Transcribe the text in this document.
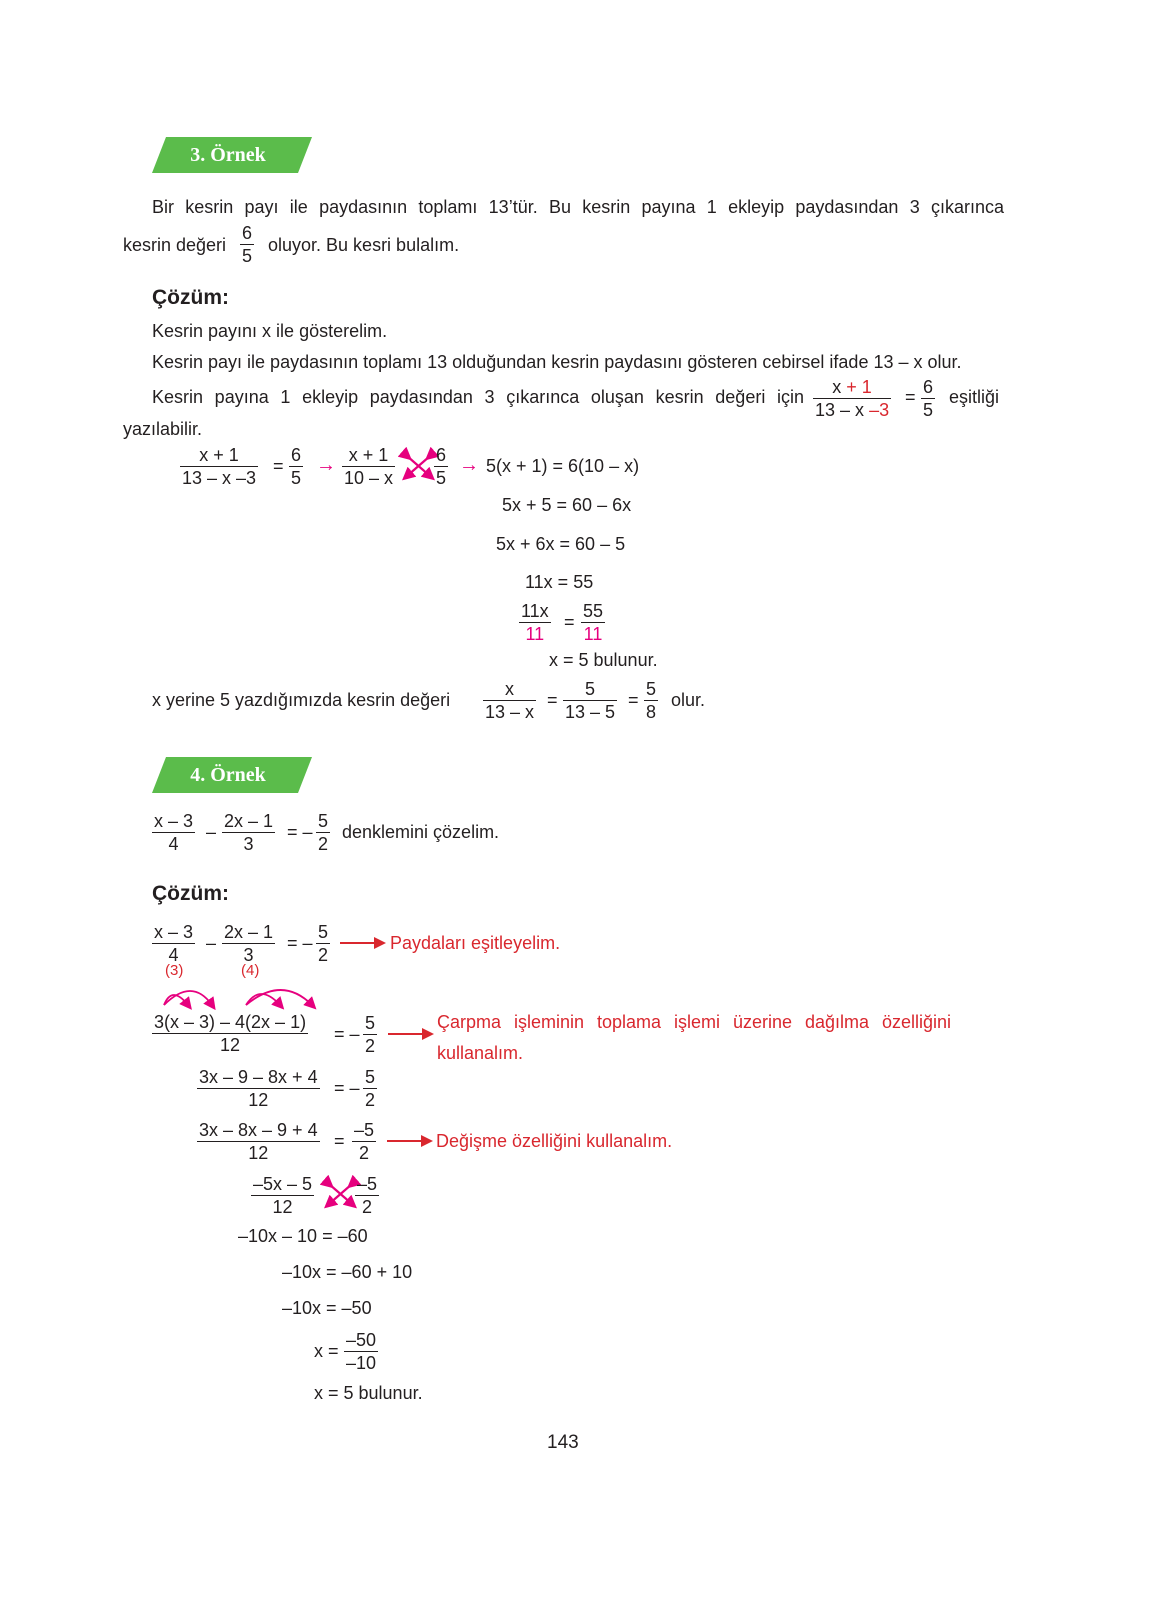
3. Örnek
Bir kesrin payı ile paydasının toplamı 13’tür. Bu kesrin payına 1 ekleyip paydasından 3 çıkarınca
kesrin değeri $\frac{6}{5}$ oluyor. Bu kesri bulalım.
Çözüm:
Kesrin payını x ile gösterelim.
Kesrin payı ile paydasının toplamı 13 olduğundan kesrin paydasını gösteren cebirsel ifade 13 – x olur.
Kesrin payına 1 ekleyip paydasından 3 çıkarınca oluşan kesrin değeri için $\frac{x + 1}{13 - x -3} = \frac{6}{5}$ eşitliği
yazılabilir.
$\frac{x + 1}{13 - x -3} = \frac{6}{5} \to \frac{x + 1}{10 - x} \frac{6}{5} \to 5(x + 1) = 6(10 - x)$
5x + 5 = 60 – 6x
5x + 6x = 60 – 5
11x = 55
$\frac{11x}{11} = \frac{55}{11}$
x = 5 bulunur.
x yerine 5 yazdığımızda kesrin değeri $\frac{x}{13 - x} = \frac{5}{13 - 5} = \frac{5}{8}$ olur.
4. Örnek
$\frac{x - 3}{4} - \frac{2x - 1}{3}$ = – $\frac{5}{2}$ denklemini çözelim.
Çözüm:
$\frac{x - 3}{4} - \frac{2x - 1}{3}$ = – $\frac{5}{2}$
(3)	(4)
Paydaları eşitleyelim.
$\frac{3(x - 3) - 4(2x - 1)}{12}$ = – $\frac{5}{2}$	Çarpma işleminin toplama işlemi üzerine dağılma özelliğini
kullanalım.
$\frac{3x - 9 - 8x + 4}{12}$ = – $\frac{5}{2}$
$\frac{3x - 8x - 9 + 4}{12} = \frac{-5}{2}$	Değişme özelliğini kullanalım.
$\frac{-5x - 5}{12} \frac{-5}{2}$
–10x – 10 = –60
–10x = –60 + 10
–10x = –50
$x = \frac{-50}{-10}$
x = 5 bulunur.
143
